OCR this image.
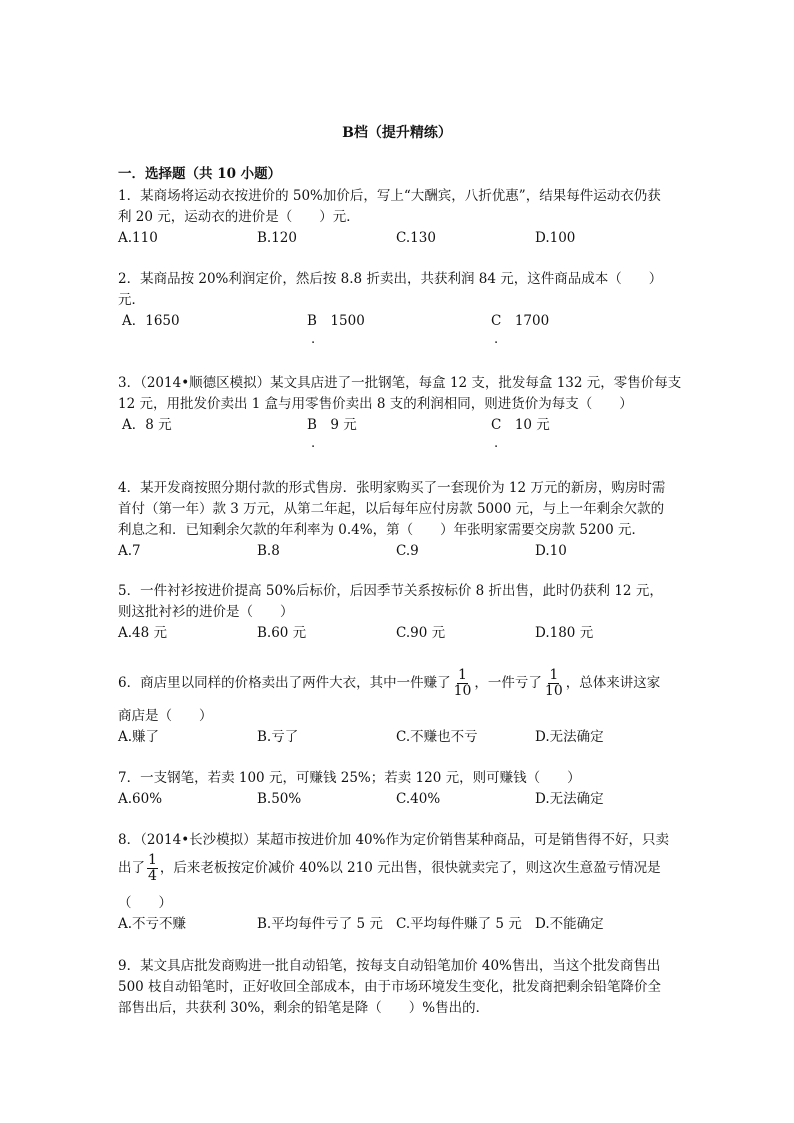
B档（提升精练）
一．选择题（共 10 小题）
1．某商场将运动衣按进价的 50%加价后，写上“大酬宾，八折优惠”，结果每件运动衣仍获
利 20 元，运动衣的进价是（　　）元．
A.110	B.120	C.130	D.100
2．某商品按 20%利润定价，然后按 8.8 折卖出，共获利润 84 元，这件商品成本（　　）
元．
A．1650	B　1500	C　1700
.	.
3．（2014•顺德区模拟）某文具店进了一批钢笔，每盒 12 支，批发每盒 132 元，零售价每支
12 元，用批发价卖出 1 盒与用零售价卖出 8 支的利润相同，则进货价为每支（　　）
A．8 元	B　9 元	C　10 元
.	.
4．某开发商按照分期付款的形式售房．张明家购买了一套现价为 12 万元的新房，购房时需
首付（第一年）款 3 万元，从第二年起，以后每年应付房款 5000 元，与上一年剩余欠款的
利息之和．已知剩余欠款的年利率为 0.4%，第（　　）年张明家需要交房款 5200 元．
A.7	B.8	C.9	D.10
5．一件衬衫按进价提高 50%后标价，后因季节关系按标价 8 折出售，此时仍获利 12 元，
则这批衬衫的进价是（　　）
A.48 元	B.60 元	C.90 元	D.180 元
6．商店里以同样的价格卖出了两件大衣，其中一件赚了 $\frac{1}{10}$ ，一件亏了 $\frac{1}{10}$ ，总体来讲这家
商店是（　　）
A.赚了	B.亏了	C.不赚也不亏	D.无法确定
7．一支钢笔，若卖 100 元，可赚钱 25%；若卖 120 元，则可赚钱（　　）
A.60%	B.50%	C.40%	D.无法确定
8．（2014•长沙模拟）某超市按进价加 40%作为定价销售某种商品，可是销售得不好，只卖
出了 $\frac{1}{4}$ ，后来老板按定价减价 40%以 210 元出售，很快就卖完了，则这次生意盈亏情况是
（　　）
A.不亏不赚	B.平均每件亏了 5 元 C.平均每件赚了 5 元 D.不能确定
9．某文具店批发商购进一批自动铅笔，按每支自动铅笔加价 40%售出，当这个批发商售出
500 枝自动铅笔时，正好收回全部成本，由于市场环境发生变化，批发商把剩余铅笔降价全
部售出后，共获利 30%，剩余的铅笔是降（　　）%售出的．
